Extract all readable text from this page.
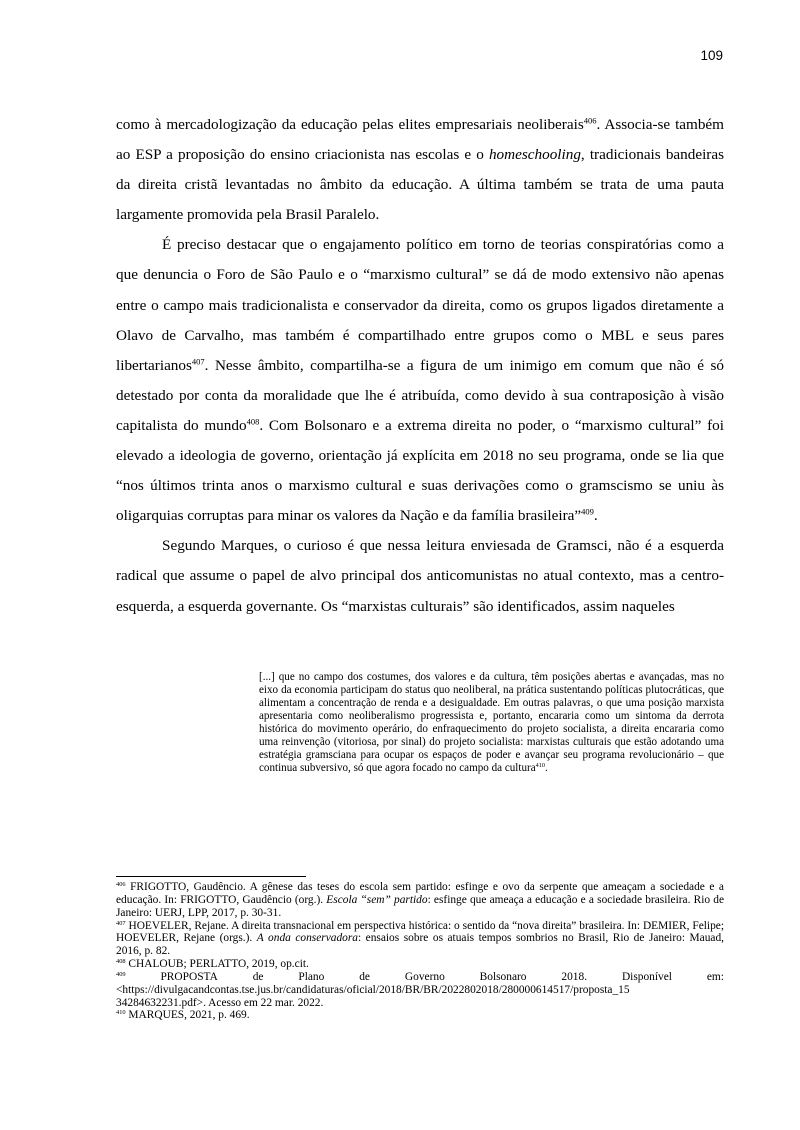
109

como à mercadologização da educação pelas elites empresariais neoliberais$^{406}$. Associa-se também ao ESP a proposição do ensino criacionista nas escolas e o homeschooling, tradicionais bandeiras da direita cristã levantadas no âmbito da educação. A última também se trata de uma pauta largamente promovida pela Brasil Paralelo.

É preciso destacar que o engajamento político em torno de teorias conspiratórias como a que denuncia o Foro de São Paulo e o “marxismo cultural” se dá de modo extensivo não apenas entre o campo mais tradicionalista e conservador da direita, como os grupos ligados diretamente a Olavo de Carvalho, mas também é compartilhado entre grupos como o MBL e seus pares libertarianos$^{407}$. Nesse âmbito, compartilha-se a figura de um inimigo em comum que não é só detestado por conta da moralidade que lhe é atribuída, como devido à sua contraposição à visão capitalista do mundo$^{408}$. Com Bolsonaro e a extrema direita no poder, o “marxismo cultural” foi elevado a ideologia de governo, orientação já explícita em 2018 no seu programa, onde se lia que “nos últimos trinta anos o marxismo cultural e suas derivações como o gramscismo se uniu às oligarquias corruptas para minar os valores da Nação e da família brasileira”$^{409}$.

Segundo Marques, o curioso é que nessa leitura enviesada de Gramsci, não é a esquerda radical que assume o papel de alvo principal dos anticomunistas no atual contexto, mas a centro-esquerda, a esquerda governante. Os “marxistas culturais” são identificados, assim naqueles

[...] que no campo dos costumes, dos valores e da cultura, têm posições abertas e avançadas, mas no eixo da economia participam do status quo neoliberal, na prática sustentando políticas plutocráticas, que alimentam a concentração de renda e a desigualdade. Em outras palavras, o que uma posição marxista apresentaria como neoliberalismo progressista e, portanto, encararia como um sintoma da derrota histórica do movimento operário, do enfraquecimento do projeto socialista, a direita encararia como uma reinvenção (vitoriosa, por sinal) do projeto socialista: marxistas culturais que estão adotando uma estratégia gramsciana para ocupar os espaços de poder e avançar seu programa revolucionário – que continua subversivo, só que agora focado no campo da cultura$^{410}$.

$^{406}$ FRIGOTTO, Gaudêncio. A gênese das teses do escola sem partido: esfinge e ovo da serpente que ameaçam a sociedade e a educação. In: FRIGOTTO, Gaudêncio (org.). Escola “sem” partido: esfinge que ameaça a educação e a sociedade brasileira. Rio de Janeiro: UERJ, LPP, 2017, p. 30-31.

$^{407}$ HOEVELER, Rejane. A direita transnacional em perspectiva histórica: o sentido da “nova direita” brasileira. In: DEMIER, Felipe; HOEVELER, Rejane (orgs.). A onda conservadora: ensaios sobre os atuais tempos sombrios no Brasil, Rio de Janeiro: Mauad, 2016, p. 82.

$^{408}$ CHALOUB; PERLATTO, 2019, op.cit.

$^{409}$	PROPOSTA	de	Plano	de	Governo	Bolsonaro	2018.	Disponível	em:
<https://divulgacandcontas.tse.jus.br/candidaturas/oficial/2018/BR/BR/2022802018/280000614517/proposta_15
34284632231.pdf>. Acesso em 22 mar. 2022.

$^{410}$ MARQUES, 2021, p. 469.
